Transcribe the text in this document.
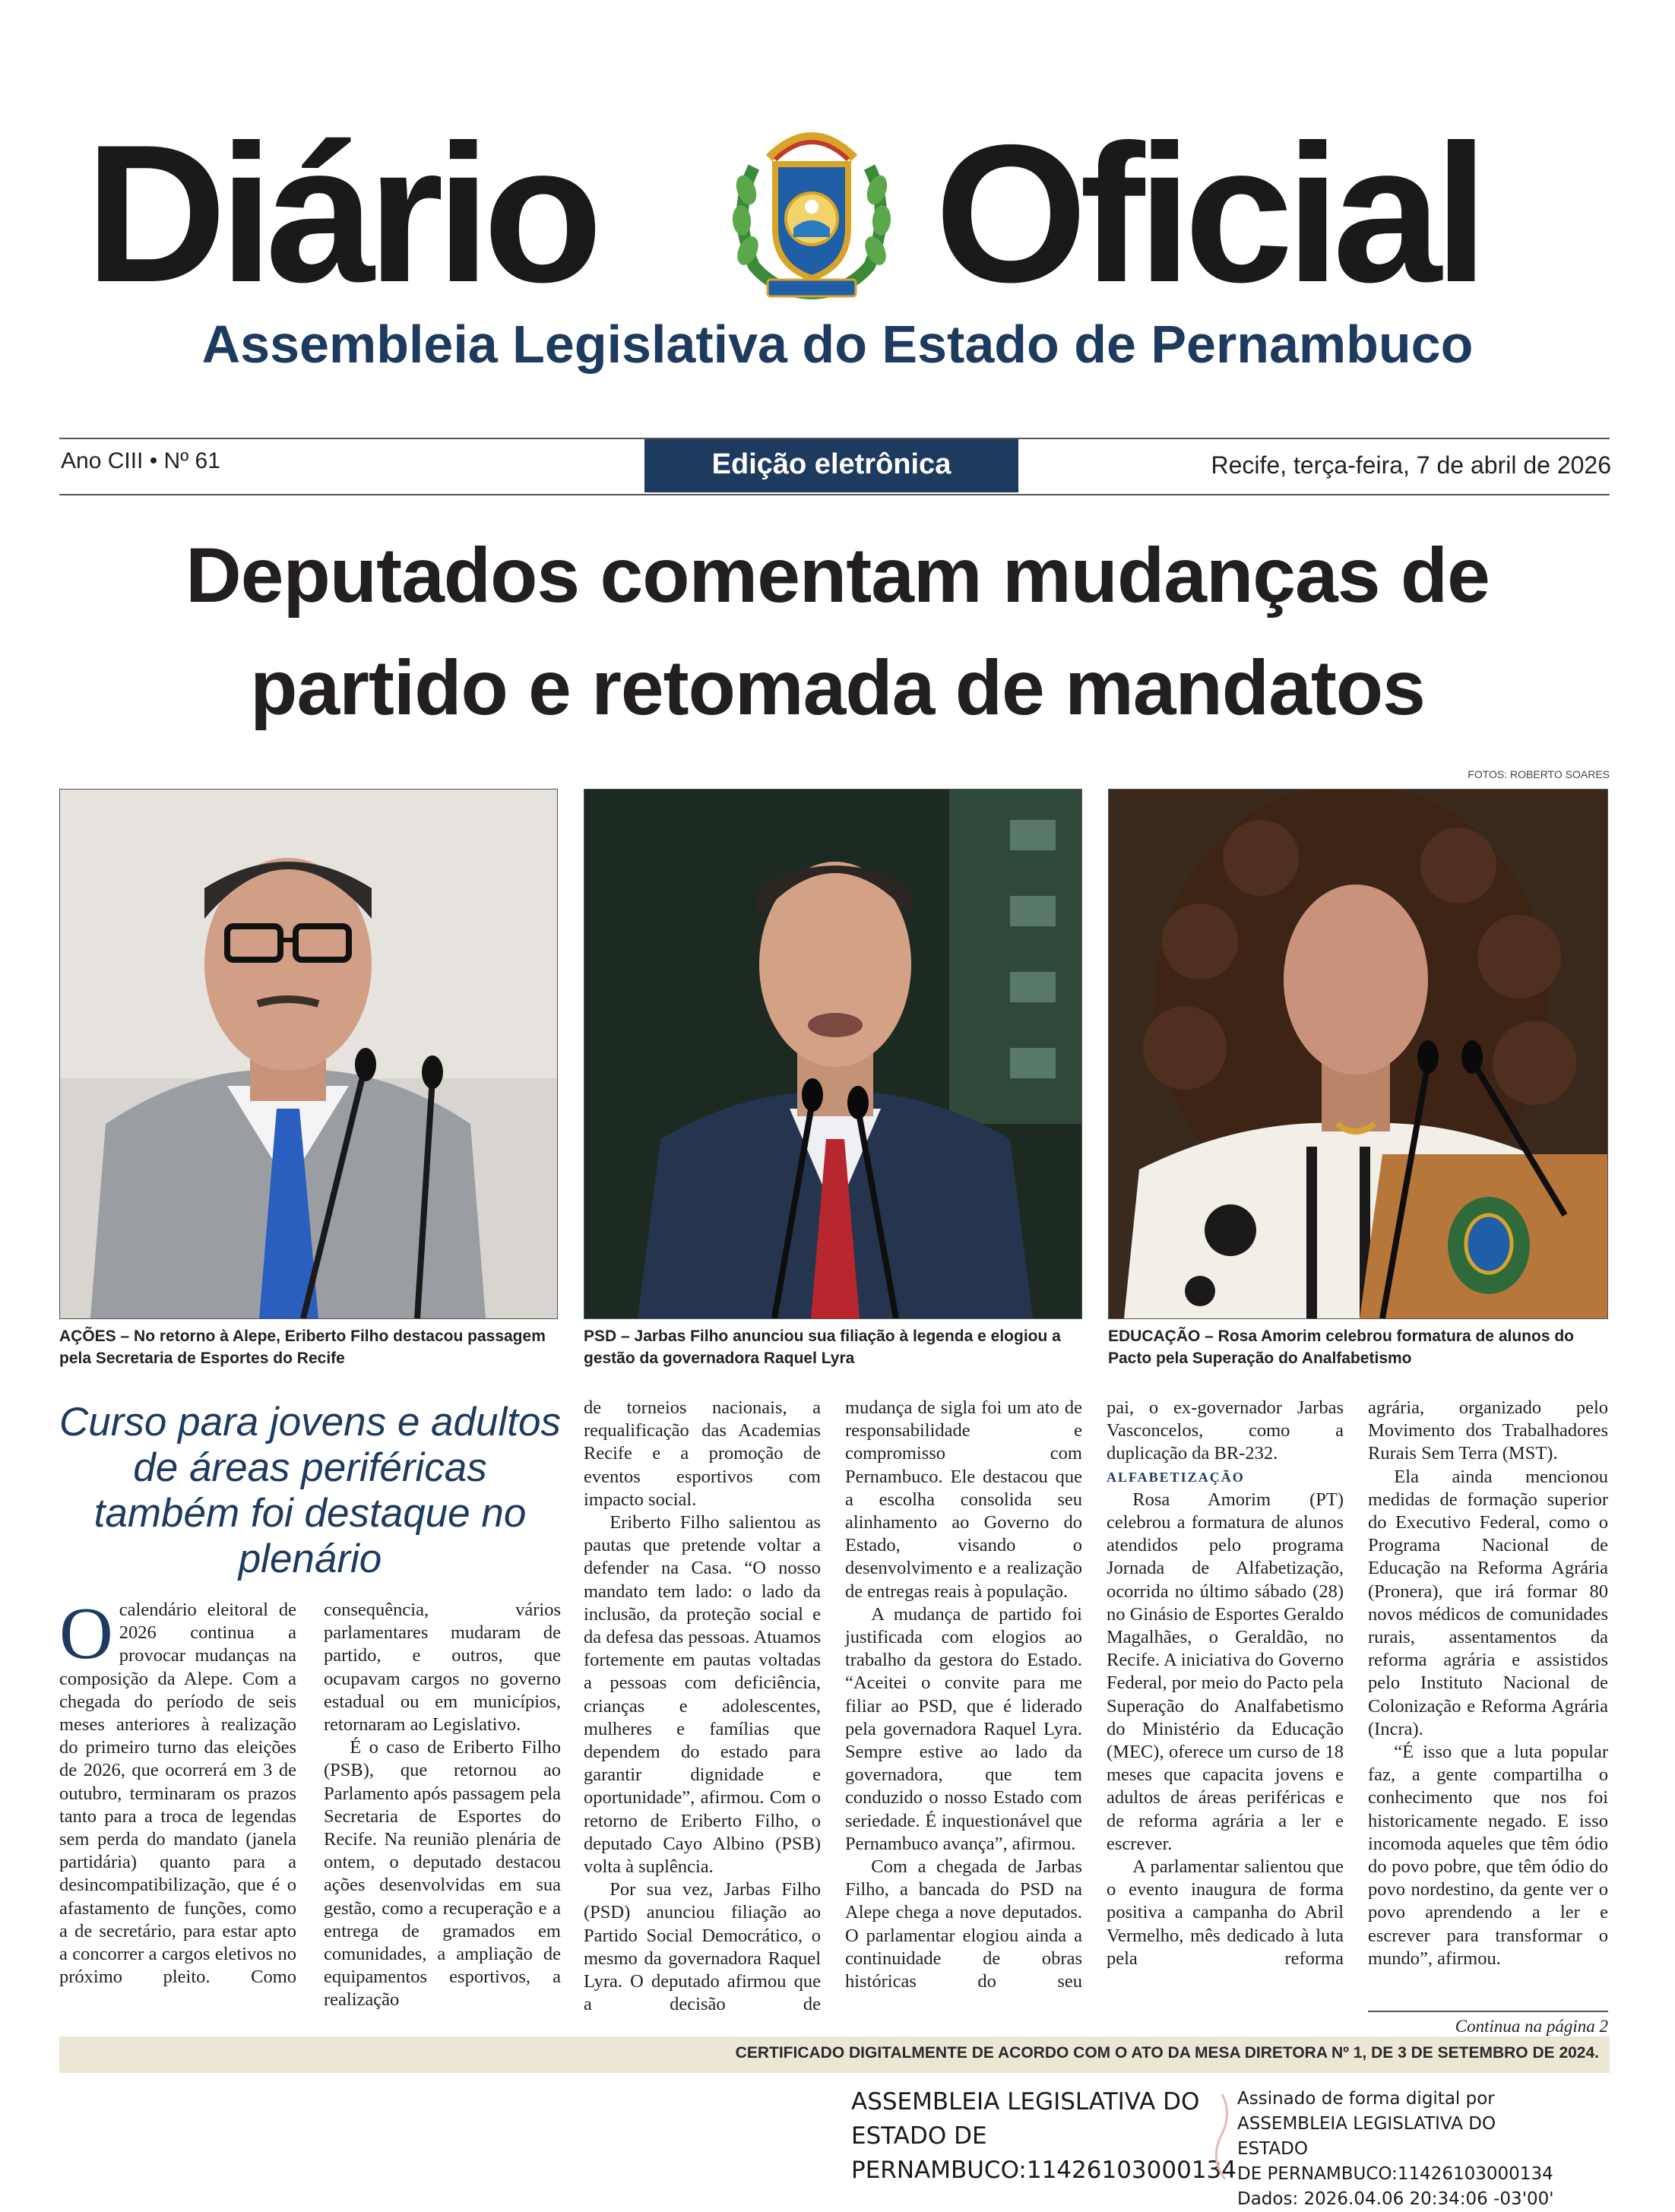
Diário Oficial
Assembleia Legislativa do Estado de Pernambuco
Ano CIII • Nº 61	Edição eletrônica	Recife, terça-feira, 7 de abril de 2026
Deputados comentam mudanças de
partido e retomada de mandatos
FOTOS: ROBERTO SOARES
AÇÕES – No retorno à Alepe, Eriberto Filho destacou passagem pela Secretaria de Esportes do Recife
PSD – Jarbas Filho anunciou sua filiação à legenda e elogiou a gestão da governadora Raquel Lyra
EDUCAÇÃO – Rosa Amorim celebrou formatura de alunos do Pacto pela Superação do Analfabetismo
Curso para jovens e adultos de áreas periféricas também foi destaque no plenário

Ocalendário eleitoral de 2026 continua a provocar mudanças na composição da Alepe. Com a chegada do período de seis meses anteriores à realização do primeiro turno das eleições de 2026, que ocorrerá em 3 de outubro, terminaram os prazos tanto para a troca de legendas sem perda do mandato (janela partidária) quanto para a desincompatibilização, que é o afastamento de funções, como a de secretário, para estar apto a concorrer a cargos eletivos no próximo pleito. Como

consequência, vários parlamentares mudaram de partido, e outros, que ocupavam cargos no governo estadual ou em municípios, retornaram ao Legislativo.

É o caso de Eriberto Filho (PSB), que retornou ao Parlamento após passagem pela Secretaria de Esportes do Recife. Na reunião plenária de ontem, o deputado destacou ações desenvolvidas em sua gestão, como a recuperação e a entrega de gramados em comunidades, a ampliação de equipamentos esportivos, a realização

de torneios nacionais, a requalificação das Academias Recife e a promoção de eventos esportivos com impacto social.

Eriberto Filho salientou as pautas que pretende voltar a defender na Casa. “O nosso mandato tem lado: o lado da inclusão, da proteção social e da defesa das pessoas. Atuamos fortemente em pautas voltadas a pessoas com deficiência, crianças e adolescentes, mulheres e famílias que dependem do estado para garantir dignidade e oportunidade”, afirmou. Com o retorno de Eriberto Filho, o deputado Cayo Albino (PSB) volta à suplência.

Por sua vez, Jarbas Filho (PSD) anunciou filiação ao Partido Social Democrático, o mesmo da governadora Raquel Lyra. O deputado afirmou que a decisão de

mudança de sigla foi um ato de responsabilidade e compromisso com Pernambuco. Ele destacou que a escolha consolida seu alinhamento ao Governo do Estado, visando o desenvolvimento e a realização de entregas reais à população.

A mudança de partido foi justificada com elogios ao trabalho da gestora do Estado. “Aceitei o convite para me filiar ao PSD, que é liderado pela governadora Raquel Lyra. Sempre estive ao lado da governadora, que tem conduzido o nosso Estado com seriedade. É inquestionável que Pernambuco avança”, afirmou.

Com a chegada de Jarbas Filho, a bancada do PSD na Alepe chega a nove deputados. O parlamentar elogiou ainda a continuidade de obras históricas do seu

pai, o ex-governador Jarbas Vasconcelos, como a duplicação da BR-232.

ALFABETIZAÇÃO

Rosa Amorim (PT) celebrou a formatura de alunos atendidos pelo programa Jornada de Alfabetização, ocorrida no último sábado (28) no Ginásio de Esportes Geraldo Magalhães, o Geraldão, no Recife. A iniciativa do Governo Federal, por meio do Pacto pela Superação do Analfabetismo do Ministério da Educação (MEC), oferece um curso de 18 meses que capacita jovens e adultos de áreas periféricas e de reforma agrária a ler e escrever.

A parlamentar salientou que o evento inaugura de forma positiva a campanha do Abril Vermelho, mês dedicado à luta pela reforma

agrária, organizado pelo Movimento dos Trabalhadores Rurais Sem Terra (MST).

Ela ainda mencionou medidas de formação superior do Executivo Federal, como o Programa Nacional de Educação na Reforma Agrária (Pronera), que irá formar 80 novos médicos de comunidades rurais, assentamentos da reforma agrária e assistidos pelo Instituto Nacional de Colonização e Reforma Agrária (Incra).

“É isso que a luta popular faz, a gente compartilha o conhecimento que nos foi historicamente negado. E isso incomoda aqueles que têm ódio do povo pobre, que têm ódio do povo nordestino, da gente ver o povo aprendendo a ler e escrever para transformar o mundo”, afirmou.

Continua na página 2
CERTIFICADO DIGITALMENTE DE ACORDO COM O ATO DA MESA DIRETORA Nº 1, DE 3 DE SETEMBRO DE 2024.
ASSEMBLEIA LEGISLATIVA DO
ESTADO DE
PERNAMBUCO:11426103000134
Assinado de forma digital por
ASSEMBLEIA LEGISLATIVA DO ESTADO
DE PERNAMBUCO:11426103000134
Dados: 2026.04.06 20:34:06 -03'00'
